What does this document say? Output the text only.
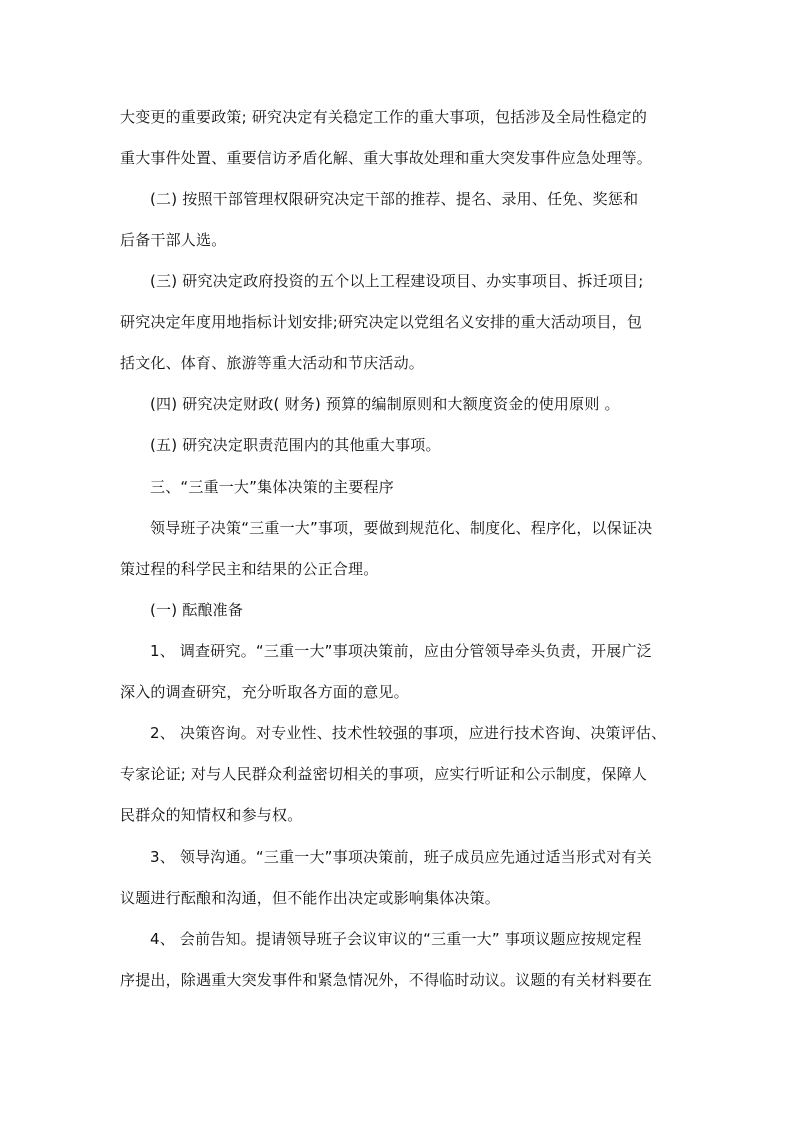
大变更的重要政策; 研究决定有关稳定工作的重大事项，包括涉及全局性稳定的
重大事件处置、重要信访矛盾化解、重大事故处理和重大突发事件应急处理等。
(二) 按照干部管理权限研究决定干部的推荐、提名、录用、任免、奖惩和
后备干部人选。
(三) 研究决定政府投资的五个以上工程建设项目、办实事项目、拆迁项目;
研究决定年度用地指标计划安排;研究决定以党组名义安排的重大活动项目，包
括文化、体育、旅游等重大活动和节庆活动。
(四) 研究决定财政( 财务) 预算的编制原则和大额度资金的使用原则 。
(五) 研究决定职责范围内的其他重大事项。
三、“三重一大”集体决策的主要程序
领导班子决策“三重一大”事项，要做到规范化、制度化、程序化，以保证决
策过程的科学民主和结果的公正合理。
(一) 酝酿准备
1、 调查研究。“三重一大”事项决策前，应由分管领导牵头负责，开展广泛
深入的调查研究，充分听取各方面的意见。
2、 决策咨询。对专业性、技术性较强的事项，应进行技术咨询、决策评估、
专家论证; 对与人民群众利益密切相关的事项，应实行听证和公示制度，保障人
民群众的知情权和参与权。
3、 领导沟通。“三重一大”事项决策前，班子成员应先通过适当形式对有关
议题进行酝酿和沟通，但不能作出决定或影响集体决策。
4、 会前告知。提请领导班子会议审议的“三重一大” 事项议题应按规定程
序提出，除遇重大突发事件和紧急情况外，不得临时动议。议题的有关材料要在
